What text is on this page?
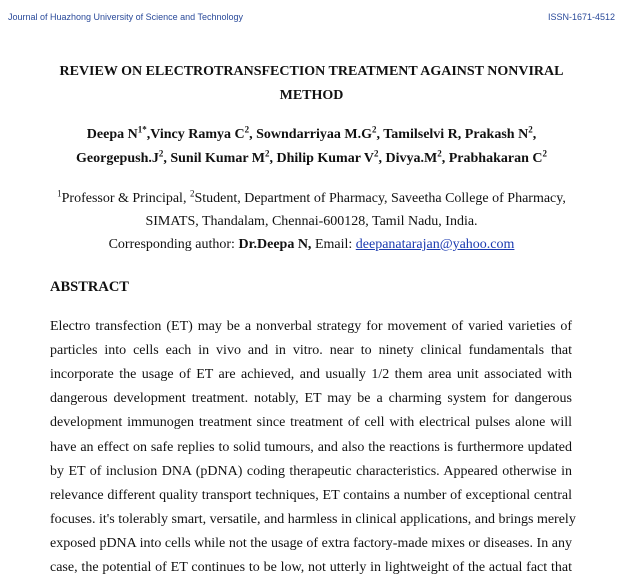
Journal of Huazhong University of Science and Technology	ISSN-1671-4512
REVIEW ON ELECTROTRANSFECTION TREATMENT AGAINST NONVIRAL
METHOD
Deepa $N^{1*},Vincy$ Ramya $C^2$, Sowndarriyaa $M.G^2$, Tamilselvi R, Prakash $N^2$,
$Georgepush.J^2$, Sunil Kumar $M^2$, Dhilip Kumar $V^2$, $Divya.M^2$, Prabhakaran $C^2$
$^1$Professor & Principal, $^2$Student, Department of Pharmacy, Saveetha College of Pharmacy,
SIMATS, Thandalam, Chennai-600128, Tamil Nadu, India.
Corresponding author: Dr.Deepa N, Email: deepanatarajan@yahoo.com
ABSTRACT
Electro transfection (ET) may be a nonverbal strategy for movement of varied varieties of
particles into cells each in vivo and in vitro. near to ninety clinical fundamentals that
incorporate the usage of ET are achieved, and usually 1/2 them area unit associated with
dangerous development treatment. notably, ET may be a charming system for dangerous
development immunogen treatment since treatment of cell with electrical pulses alone will
have an effect on safe replies to solid tumours, and also the reactions is furthermore updated
by ET of inclusion DNA (pDNA) coding therapeutic characteristics. Appeared otherwise in
relevance different quality transport techniques, ET contains a number of exceptional central
focuses. it's tolerably smart, versatile, and harmless in clinical applications, and brings merely
exposed pDNA into cells while not the usage of extra factory-made mixes or diseases. In any
case, the potential of ET continues to be low, not utterly in lightweight of the actual fact that
